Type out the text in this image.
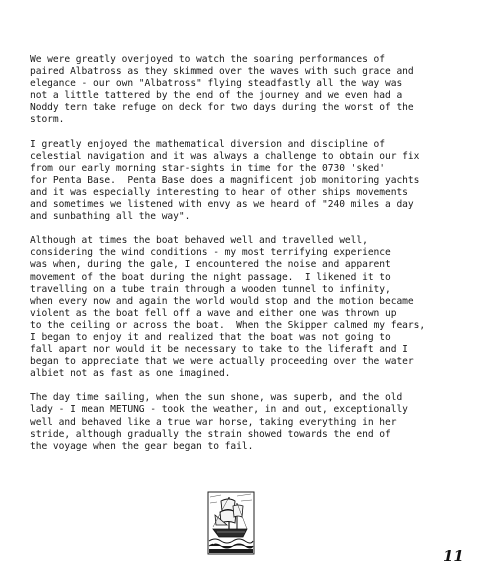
We were greatly overjoyed to watch the soaring performances of
paired Albatross as they skimmed over the waves with such grace and
elegance - our own "Albatross" flying steadfastly all the way was
not a little tattered by the end of the journey and we even had a
Noddy tern take refuge on deck for two days during the worst of the
storm.

I greatly enjoyed the mathematical diversion and discipline of
celestial navigation and it was always a challenge to obtain our fix
from our early morning star-sights in time for the 0730 'sked'
for Penta Base.  Penta Base does a magnificent job monitoring yachts
and it was especially interesting to hear of other ships movements
and sometimes we listened with envy as we heard of "240 miles a day
and sunbathing all the way".

Although at times the boat behaved well and travelled well,
considering the wind conditions - my most terrifying experience
was when, during the gale, I encountered the noise and apparent
movement of the boat during the night passage.  I likened it to
travelling on a tube train through a wooden tunnel to infinity,
when every now and again the world would stop and the motion became
violent as the boat fell off a wave and either one was thrown up
to the ceiling or across the boat.  When the Skipper calmed my fears,
I began to enjoy it and realized that the boat was not going to
fall apart nor would it be necessary to take to the liferaft and I
began to appreciate that we were actually proceeding over the water
albiet not as fast as one imagined.

The day time sailing, when the sun shone, was superb, and the old
lady - I mean METUNG - took the weather, in and out, exceptionally
well and behaved like a true war horse, taking everything in her
stride, although gradually the strain showed towards the end of
the voyage when the gear began to fail.

11
